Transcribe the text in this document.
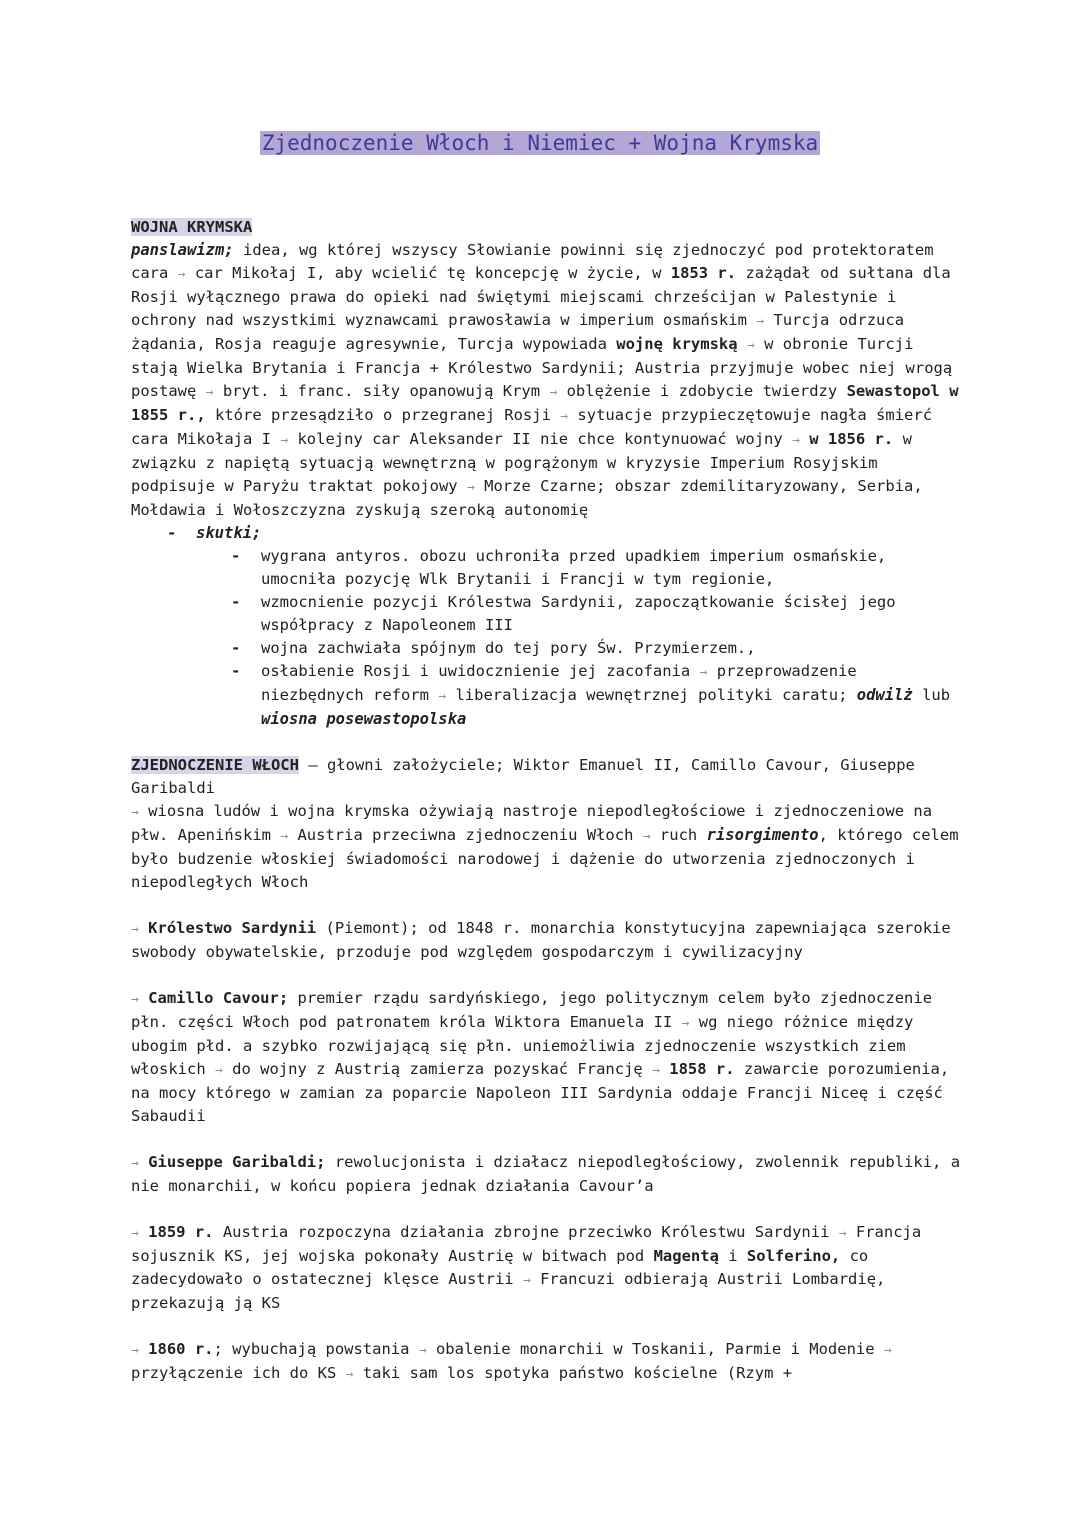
Zjednoczenie Włoch i Niemiec + Wojna Krymska

WOJNA KRYMSKA

panslawizm; idea, wg której wszyscy Słowianie powinni się zjednoczyć pod protektoratem cara → car Mikołaj I, aby wcielić tę koncepcję w życie, w 1853 r. zażądał od sułtana dla Rosji wyłącznego prawa do opieki nad świętymi miejscami chrześcijan w Palestynie i ochrony nad wszystkimi wyznawcami prawosławia w imperium osmańskim → Turcja odrzuca żądania, Rosja reaguje agresywnie, Turcja wypowiada wojnę krymską → w obronie Turcji stają Wielka Brytania i Francja + Królestwo Sardynii; Austria przyjmuje wobec niej wrogą postawę → bryt. i franc. siły opanowują Krym → oblężenie i zdobycie twierdzy Sewastopol w 1855 r., które przesądziło o przegranej Rosji → sytuacje przypieczętowuje nagła śmierć cara Mikołaja I → kolejny car Aleksander II nie chce kontynuować wojny → w 1856 r. w związku z napiętą sytuacją wewnętrzną w pogrążonym w kryzysie Imperium Rosyjskim podpisuje w Paryżu traktat pokojowy → Morze Czarne; obszar zdemilitaryzowany, Serbia, Mołdawia i Wołoszczyzna zyskują szeroką autonomię

- skutki;
- wygrana antyros. obozu uchroniła przed upadkiem imperium osmańskie, umocniła pozycję Wlk Brytanii i Francji w tym regionie,
- wzmocnienie pozycji Królestwa Sardynii, zapoczątkowanie ścisłej jego współpracy z Napoleonem III
- wojna zachwiała spójnym do tej pory Św. Przymierzem.,
- osłabienie Rosji i uwidocznienie jej zacofania → przeprowadzenie niezbędnych reform → liberalizacja wewnętrznej polityki caratu; odwilż lub wiosna posewastopolska

ZJEDNOCZENIE WŁOCH – głowni założyciele; Wiktor Emanuel II, Camillo Cavour, Giuseppe Garibaldi

→ wiosna ludów i wojna krymska ożywiają nastroje niepodległościowe i zjednoczeniowe na płw. Apenińskim → Austria przeciwna zjednoczeniu Włoch → ruch risorgimento, którego celem było budzenie włoskiej świadomości narodowej i dążenie do utworzenia zjednoczonych i niepodległych Włoch

→ Królestwo Sardynii (Piemont); od 1848 r. monarchia konstytucyjna zapewniająca szerokie swobody obywatelskie, przoduje pod względem gospodarczym i cywilizacyjny

→ Camillo Cavour; premier rządu sardyńskiego, jego politycznym celem było zjednoczenie płn. części Włoch pod patronatem króla Wiktora Emanuela II → wg niego różnice między ubogim płd. a szybko rozwijającą się płn. uniemożliwia zjednoczenie wszystkich ziem włoskich → do wojny z Austrią zamierza pozyskać Francję → 1858 r. zawarcie porozumienia, na mocy którego w zamian za poparcie Napoleon III Sardynia oddaje Francji Niceę i część Sabaudii

→ Giuseppe Garibaldi; rewolucjonista i działacz niepodległościowy, zwolennik republiki, a nie monarchii, w końcu popiera jednak działania Cavour’a

→ 1859 r. Austria rozpoczyna działania zbrojne przeciwko Królestwu Sardynii → Francja sojusznik KS, jej wojska pokonały Austrię w bitwach pod Magentą i Solferino, co zadecydowało o ostatecznej klęsce Austrii → Francuzi odbierają Austrii Lombardię, przekazują ją KS

→ 1860 r.; wybuchają powstania → obalenie monarchii w Toskanii, Parmie i Modenie → przyłączenie ich do KS → taki sam los spotyka państwo kościelne (Rzym +
